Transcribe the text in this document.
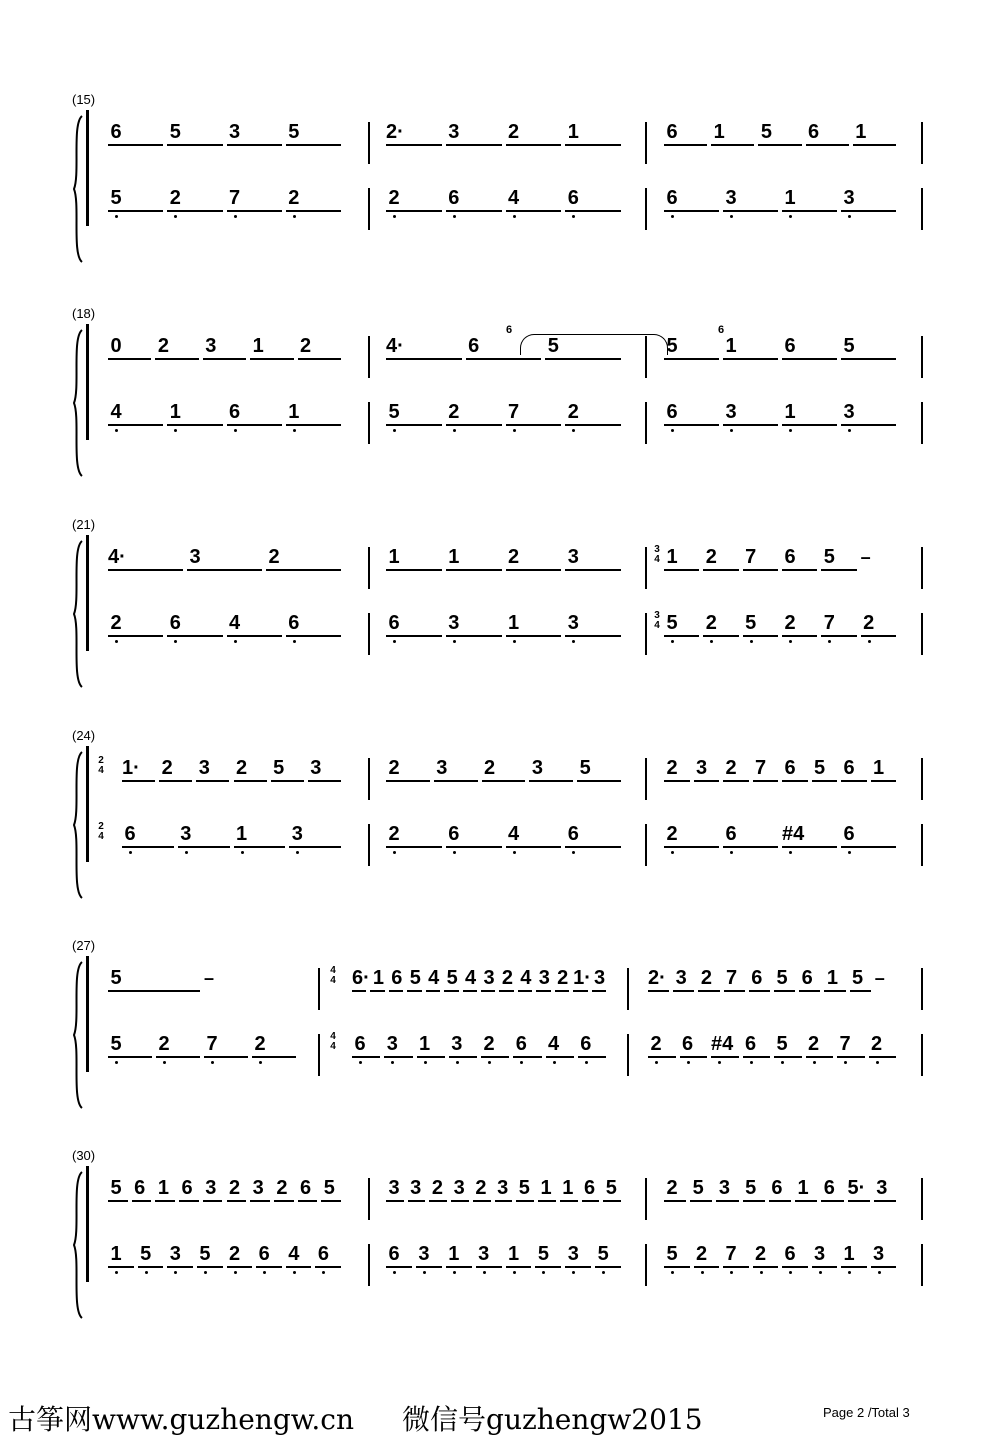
(15)
6 5 3 5	2· 3 2 1	6 1 5 6 1
5 2 7 2	2 6 4 6	6 3 1 3
(18)
0 2 3 1 2	4·	6	5	5 1 6 5
4 1 6 1	5 2 7 2	6 3 1 3
6	6
(21)
4·	3	2	1 1 2 3	1 2 7 6 5 –
2 6 4 6	6 3 1 3	5 2 5 2 7 2
3
4
3
4
(24)
1· 2 3 2 5 3	2 3 2 3 5	2 3 2 7 6 5 6 1
6 3 1 3	2 6 4 6	2 6 #4 6
2
4
2
4
(27)
5	–	6· 1 6 5 4 5 4 3 2 4 3 2 1· 3 2· 3 2 7 6 5 6 1 5 –
5 2 7 2	6 3 1 3 2 6 4 6	2 6 #4 6 5 2 7 2
4
4
4
4
(30)
5 6 1 6 3 2 3 2 6 5	3 3 2 3 2 3 5 1 1 6 5 2 5 3 5 6 1 6 5· 3
1 5 3 5 2 6 4 6	6 3 1 3 1 5 3 5	5 2 7 2 6 3 1 3
古筝网www.guzhengw.cn 微信号guzhengw2015	Page 2 /Total 3
